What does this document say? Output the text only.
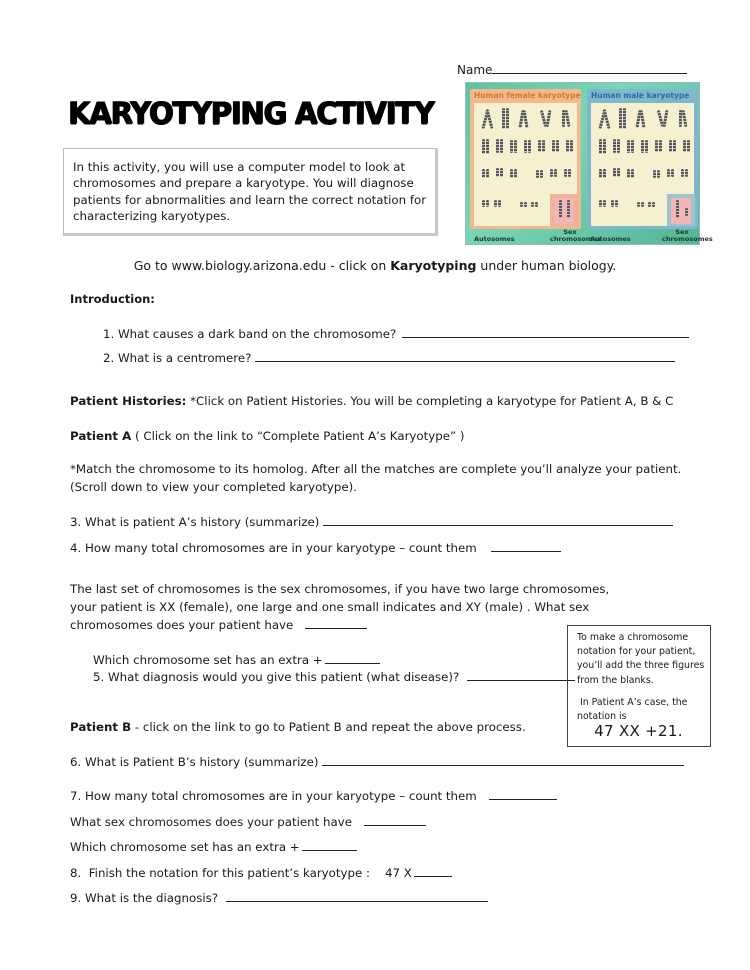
Name
KARYOTYPING ACTIVITY
In this activity, you will use a computer model to look at chromosomes and prepare a karyotype. You will diagnose patients for abnormalities and learn the correct notation for characterizing karyotypes.
Human female karyotype Human male karyotype
Autosomes
Sex chromosomes
Autosomes
Sex chromosomes
Go to www.biology.arizona.edu - click on Karyotyping under human biology.
Introduction:
1. What causes a dark band on the chromosome?
2. What is a centromere?
Patient Histories: *Click on Patient Histories. You will be completing a karyotype for Patient A, B & C
Patient A ( Click on the link to “Complete Patient A’s Karyotype” )
*Match the chromosome to its homolog. After all the matches are complete you’ll analyze your patient.
(Scroll down to view your completed karyotype).
3. What is patient A’s history (summarize)
4. How many total chromosomes are in your karyotype – count them
The last set of chromosomes is the sex chromosomes, if you have two large chromosomes,
your patient is XX (female), one large and one small indicates and XY (male) . What sex
chromosomes does your patient have
Which chromosome set has an extra +
5. What diagnosis would you give this patient (what disease)?
To make a chromosome notation for your patient, you’ll add the three figures from the blanks.
In Patient A’s case, the notation is
47 XX +21.
Patient B - click on the link to go to Patient B and repeat the above process.
6. What is Patient B’s history (summarize)
7. How many total chromosomes are in your karyotype – count them
What sex chromosomes does your patient have
Which chromosome set has an extra +
8.  Finish the notation for this patient’s karyotype :    47 X
9. What is the diagnosis?
